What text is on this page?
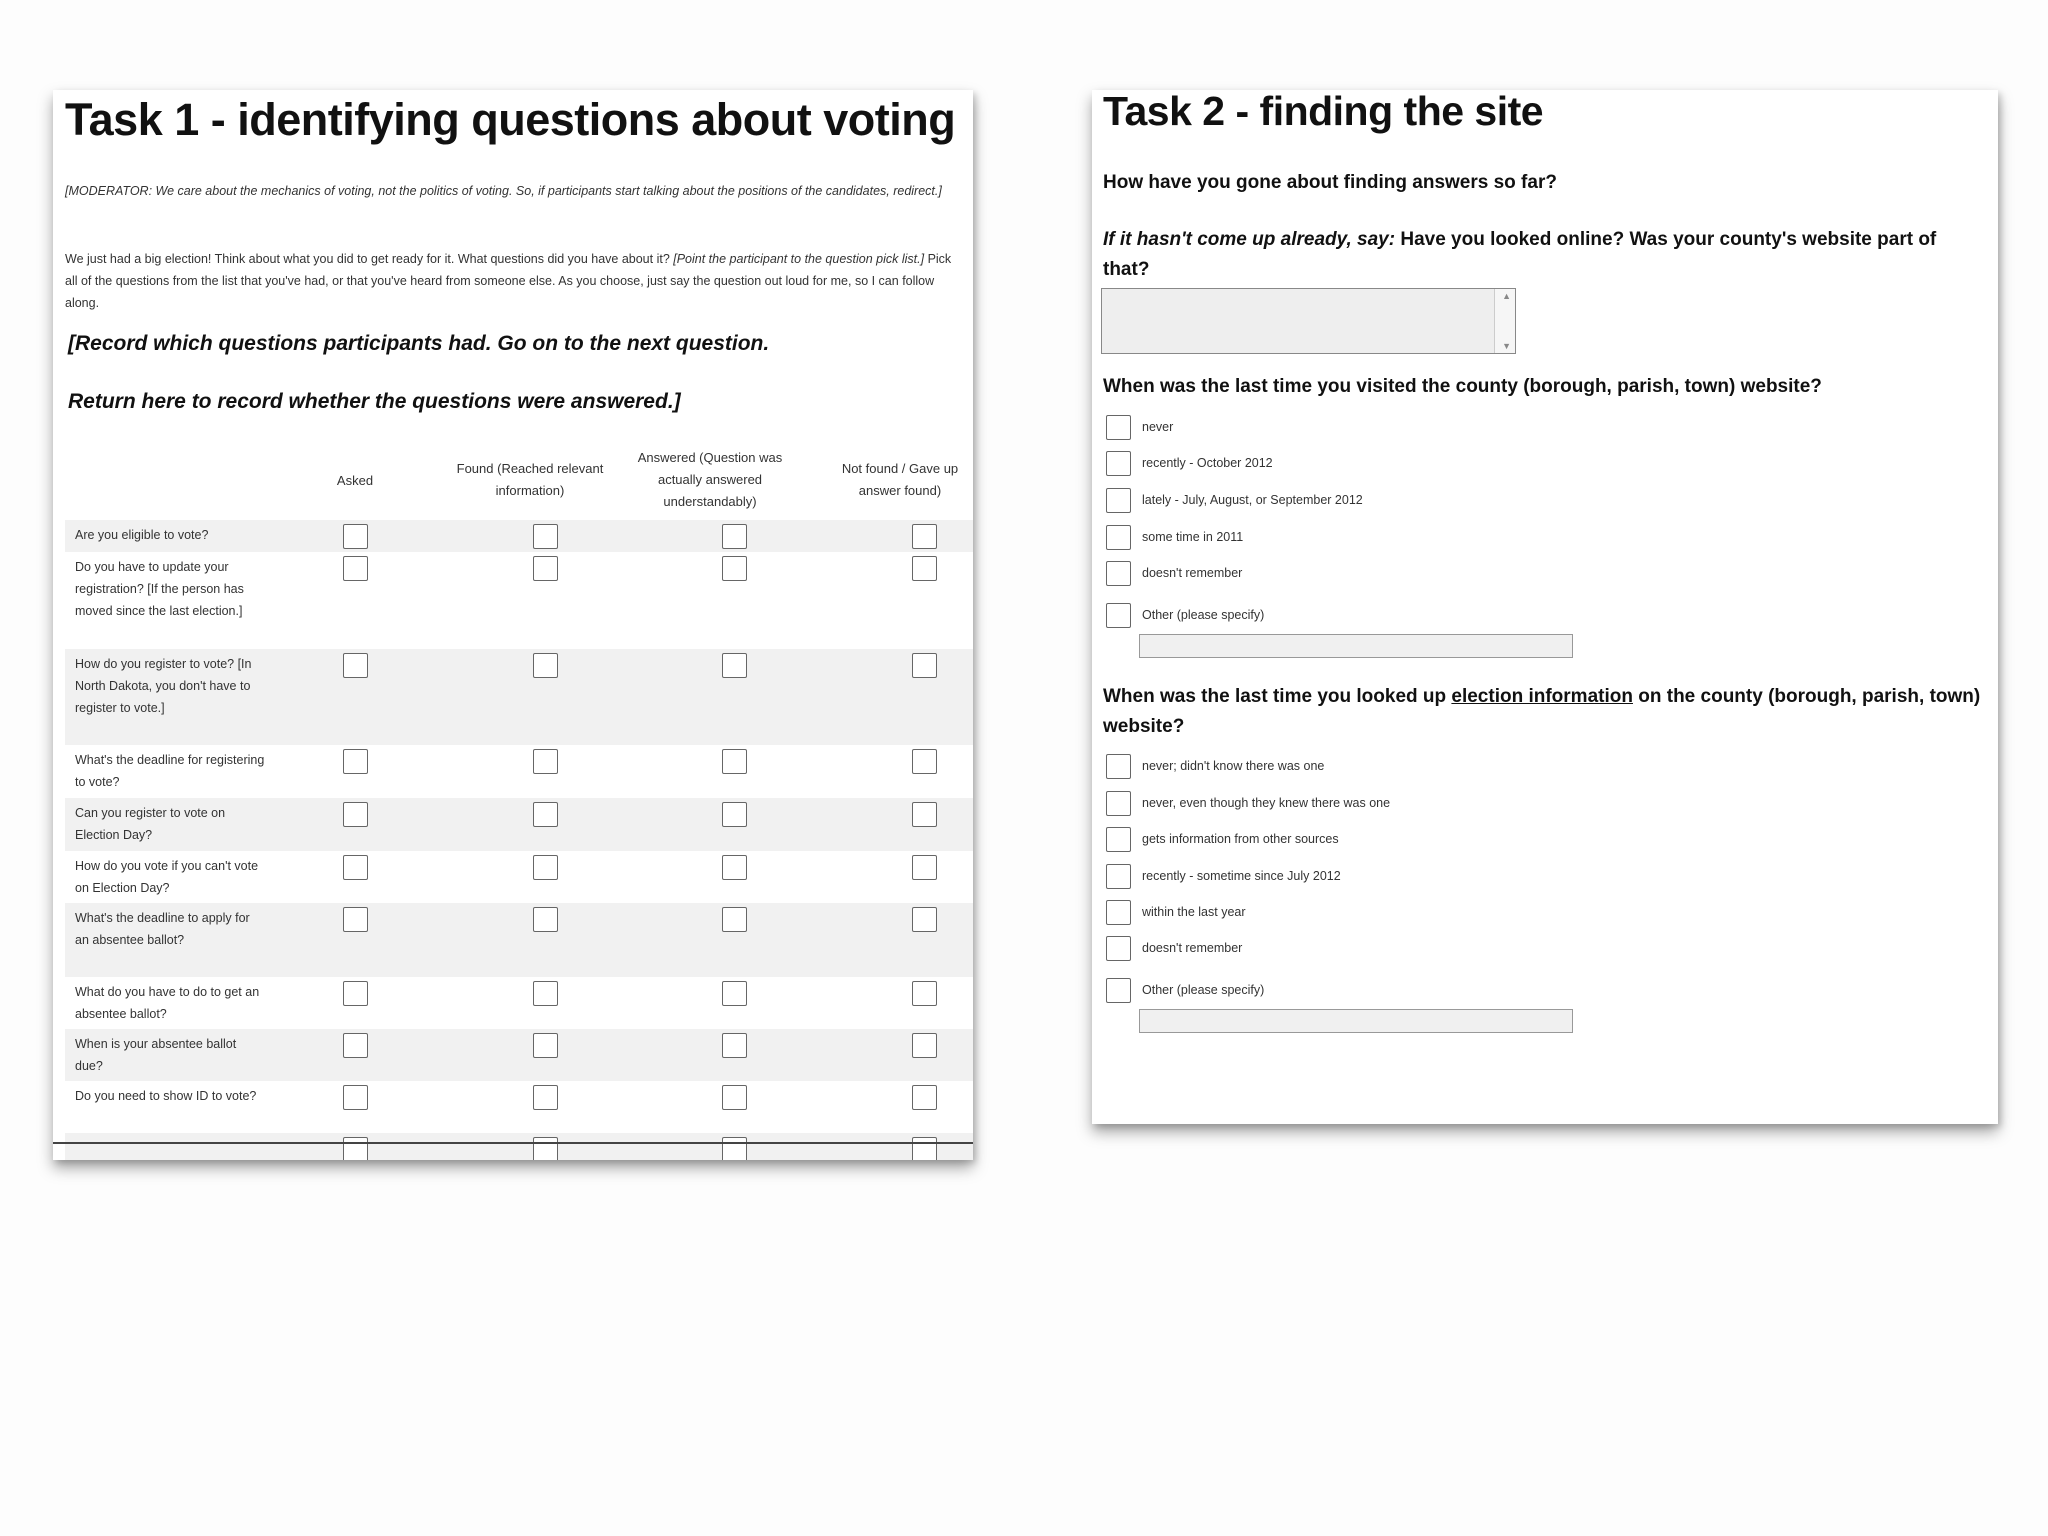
Task 1 - identifying questions about voting
[MODERATOR: We care about the mechanics of voting, not the politics of voting. So, if participants start talking about the positions of the candidates, redirect.]
We just had a big election! Think about what you did to get ready for it. What questions did you have about it? [Point the participant to the question pick list.] Pick all of the questions from the list that you've had, or that you've heard from someone else. As you choose, just say the question out loud for me, so I can follow along.
[Record which questions participants had. Go on to the next question.
Return here to record whether the questions were answered.]
Asked
Found (Reached relevant information)
Answered (Question was actually answered understandably)
Not found / Gave up answer found)
Are you eligible to vote?
Do you have to update your registration? [If the person has moved since the last election.]
How do you register to vote? [In North Dakota, you don't have to register to vote.]
What's the deadline for registering to vote?
Can you register to vote on Election Day?
How do you vote if you can't vote on Election Day?
What's the deadline to apply for an absentee ballot?
What do you have to do to get an absentee ballot?
When is your absentee ballot due?
Do you need to show ID to vote?
Task 2 - finding the site
How have you gone about finding answers so far?
If it hasn't come up already, say: Have you looked online? Was your county's website part of that?
▲
▼
When was the last time you visited the county (borough, parish, town) website?
never
recently - October 2012
lately - July, August, or September 2012
some time in 2011
doesn't remember
Other (please specify)
When was the last time you looked up election information on the county (borough, parish, town) website?
never; didn't know there was one
never, even though they knew there was one
gets information from other sources
recently - sometime since July 2012
within the last year
doesn't remember
Other (please specify)
